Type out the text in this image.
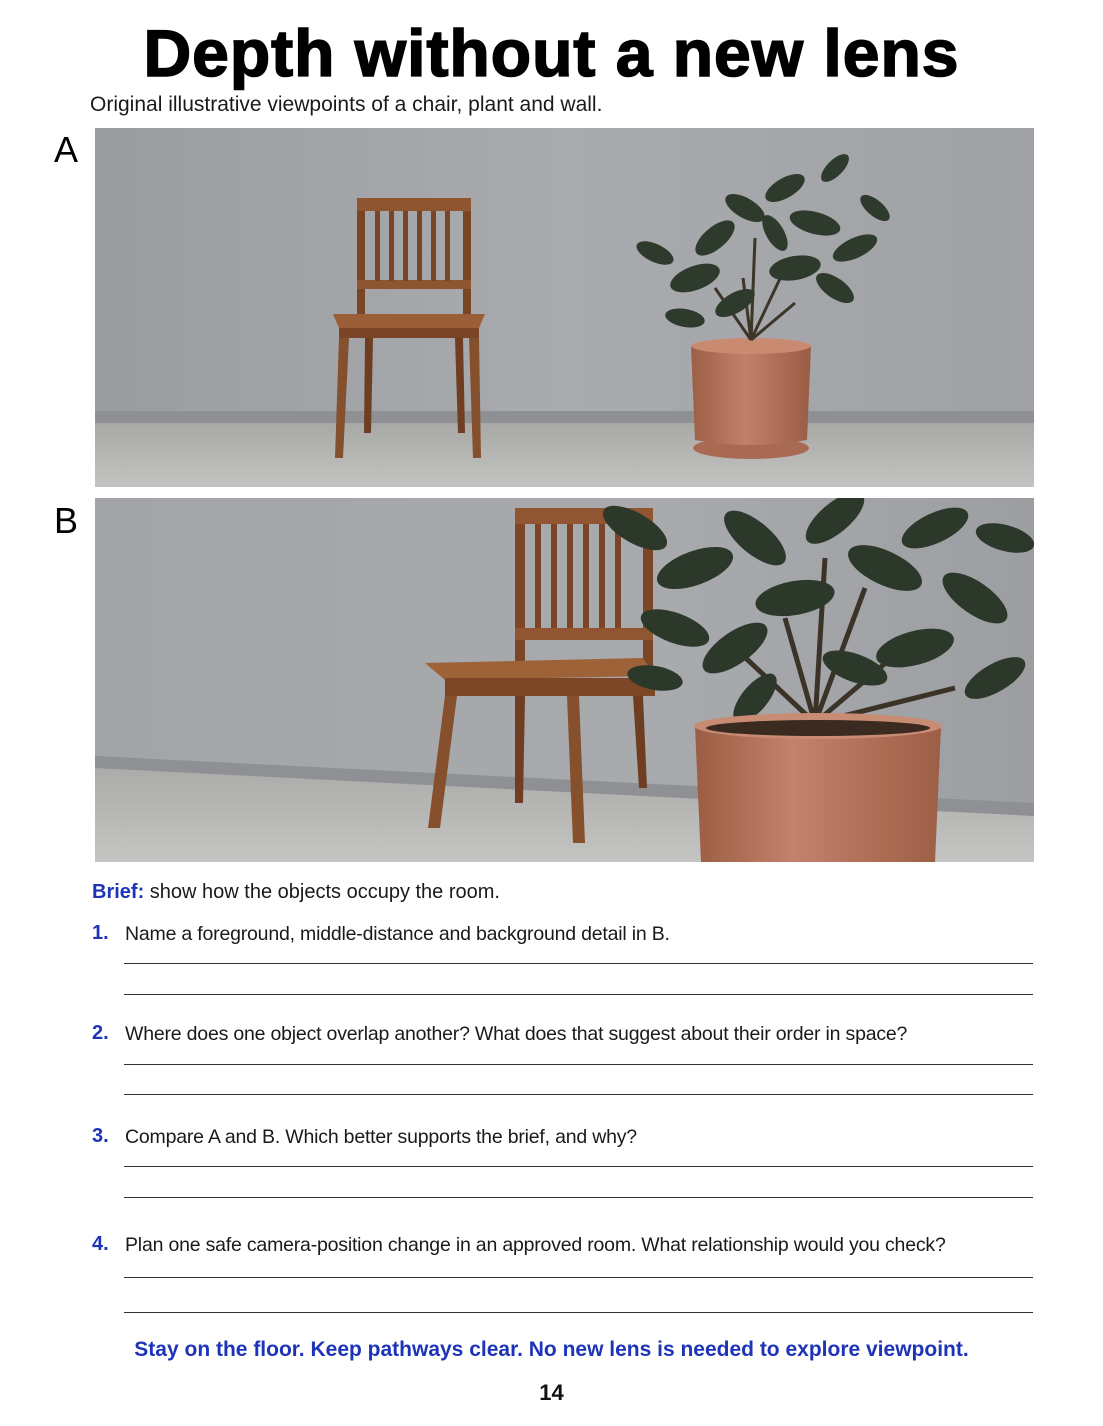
Depth without a new lens
Original illustrative viewpoints of a chair, plant and wall.
A
B
Brief: show how the objects occupy the room.
1. Name a foreground, middle-distance and background detail in B.
2. Where does one object overlap another? What does that suggest about their order in space?
3. Compare A and B. Which better supports the brief, and why?
4. Plan one safe camera-position change in an approved room. What relationship would you check?
Stay on the floor. Keep pathways clear. No new lens is needed to explore viewpoint.
14
